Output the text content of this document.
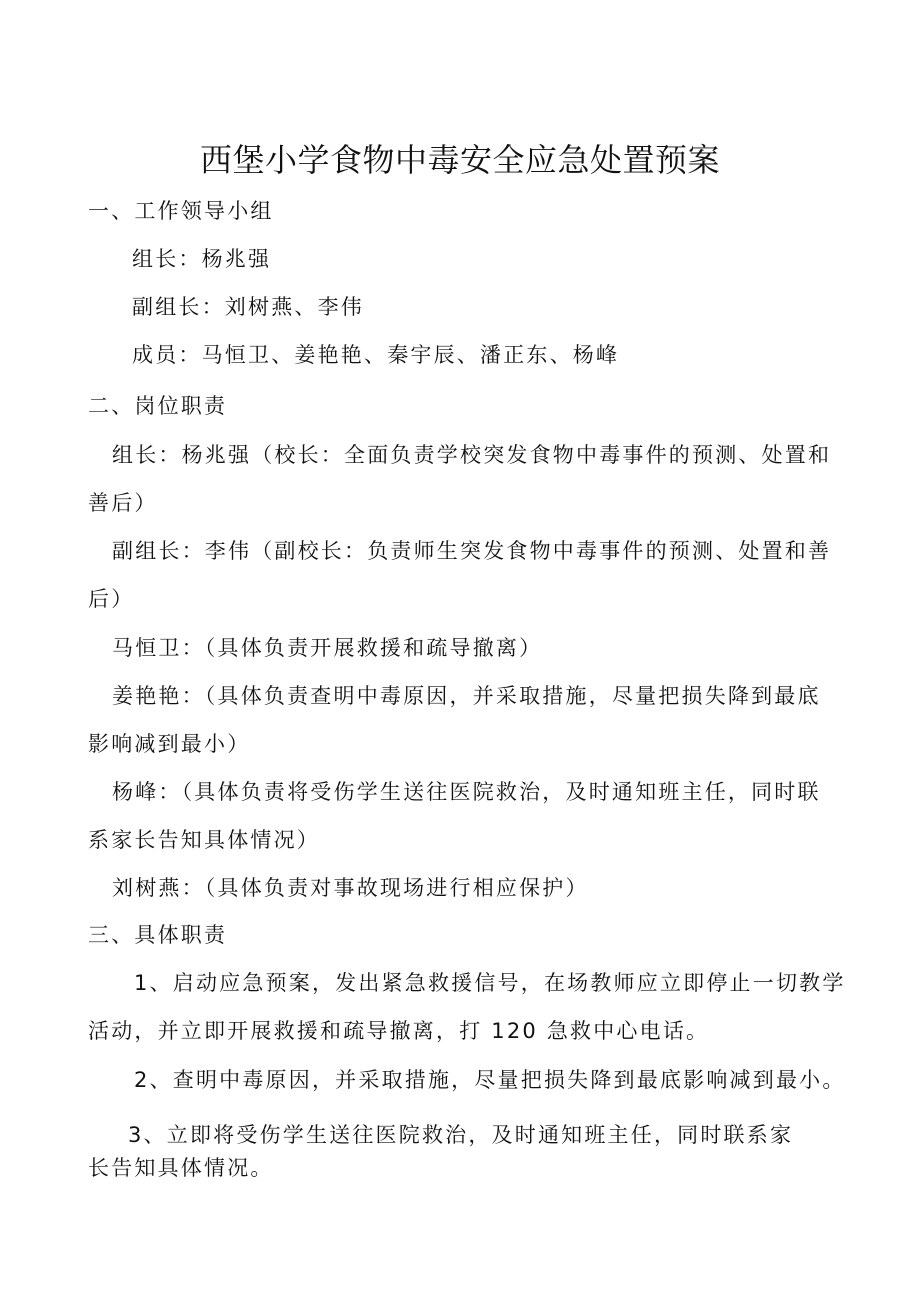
西堡小学食物中毒安全应急处置预案
一、工作领导小组
组长：杨兆强
副组长：刘树燕、李伟
成员：马恒卫、姜艳艳、秦宇辰、潘正东、杨峰
二、岗位职责
组长：杨兆强（校长：全面负责学校突发食物中毒事件的预测、处置和
善后）
副组长：李伟（副校长：负责师生突发食物中毒事件的预测、处置和善
后）
马恒卫：（具体负责开展救援和疏导撤离）
姜艳艳：（具体负责查明中毒原因，并采取措施，尽量把损失降到最底
影响减到最小）
杨峰：（具体负责将受伤学生送往医院救治，及时通知班主任，同时联
系家长告知具体情况）
刘树燕：（具体负责对事故现场进行相应保护）
三、具体职责
1、启动应急预案，发出紧急救援信号，在场教师应立即停止一切教学
活动，并立即开展救援和疏导撤离，打 120 急救中心电话。
2、查明中毒原因，并采取措施，尽量把损失降到最底影响减到最小。
3、立即将受伤学生送往医院救治，及时通知班主任，同时联系家
长告知具体情况。
